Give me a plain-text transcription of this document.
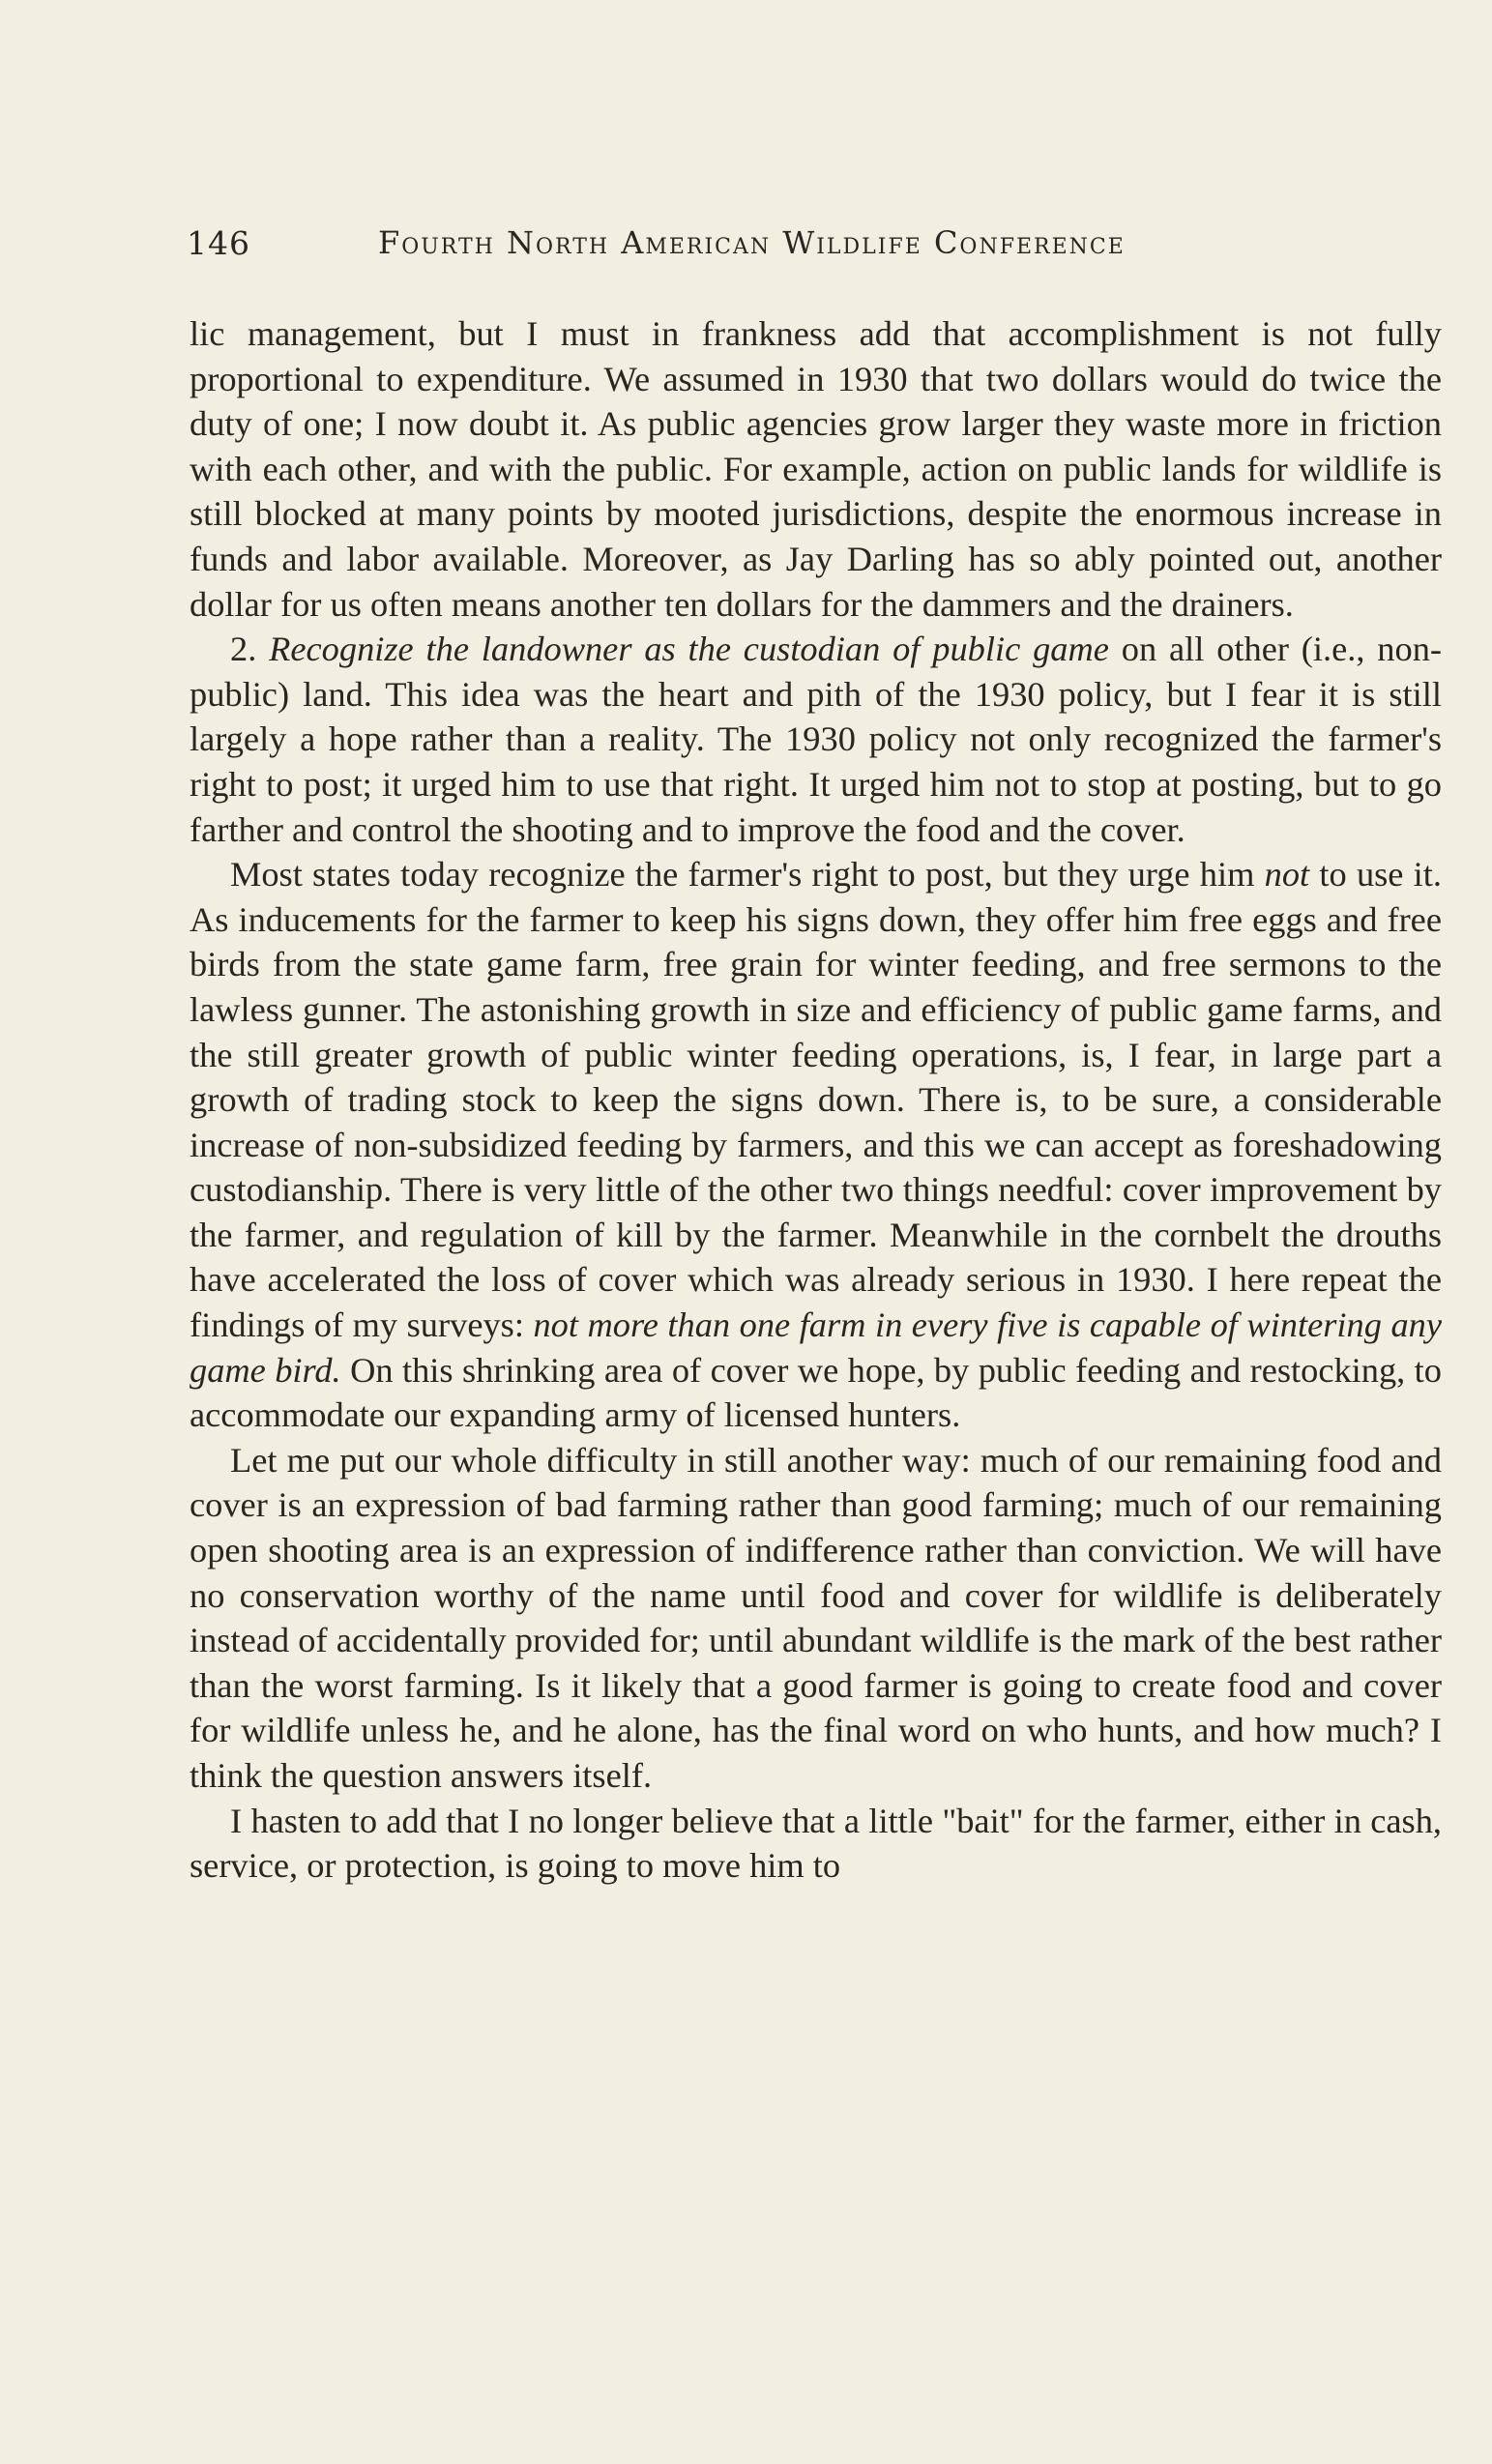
146	Fourth North American Wildlife Conference

lic management, but I must in frankness add that accomplishment is not fully proportional to expenditure. We assumed in 1930 that two dollars would do twice the duty of one; I now doubt it. As public agencies grow larger they waste more in friction with each other, and with the public. For example, action on public lands for wildlife is still blocked at many points by mooted jurisdictions, despite the enormous increase in funds and labor available. Moreover, as Jay Darling has so ably pointed out, another dollar for us often means another ten dollars for the dammers and the drainers.

2. Recognize the landowner as the custodian of public game on all other (i.e., non-public) land. This idea was the heart and pith of the 1930 policy, but I fear it is still largely a hope rather than a reality. The 1930 policy not only recognized the farmer's right to post; it urged him to use that right. It urged him not to stop at posting, but to go farther and control the shooting and to improve the food and the cover.

Most states today recognize the farmer's right to post, but they urge him not to use it. As inducements for the farmer to keep his signs down, they offer him free eggs and free birds from the state game farm, free grain for winter feeding, and free sermons to the lawless gunner. The astonishing growth in size and efficiency of public game farms, and the still greater growth of public winter feeding operations, is, I fear, in large part a growth of trading stock to keep the signs down. There is, to be sure, a considerable increase of non-subsidized feeding by farmers, and this we can accept as foreshadowing custodianship. There is very little of the other two things needful: cover improvement by the farmer, and regulation of kill by the farmer. Meanwhile in the cornbelt the drouths have accelerated the loss of cover which was already serious in 1930. I here repeat the findings of my surveys: not more than one farm in every five is capable of wintering any game bird. On this shrinking area of cover we hope, by public feeding and restocking, to accommodate our expanding army of licensed hunters.

Let me put our whole difficulty in still another way: much of our remaining food and cover is an expression of bad farming rather than good farming; much of our remaining open shooting area is an expression of indifference rather than conviction. We will have no conservation worthy of the name until food and cover for wildlife is deliberately instead of accidentally provided for; until abundant wildlife is the mark of the best rather than the worst farming. Is it likely that a good farmer is going to create food and cover for wildlife unless he, and he alone, has the final word on who hunts, and how much? I think the question answers itself.

I hasten to add that I no longer believe that a little "bait" for the farmer, either in cash, service, or protection, is going to move him to
